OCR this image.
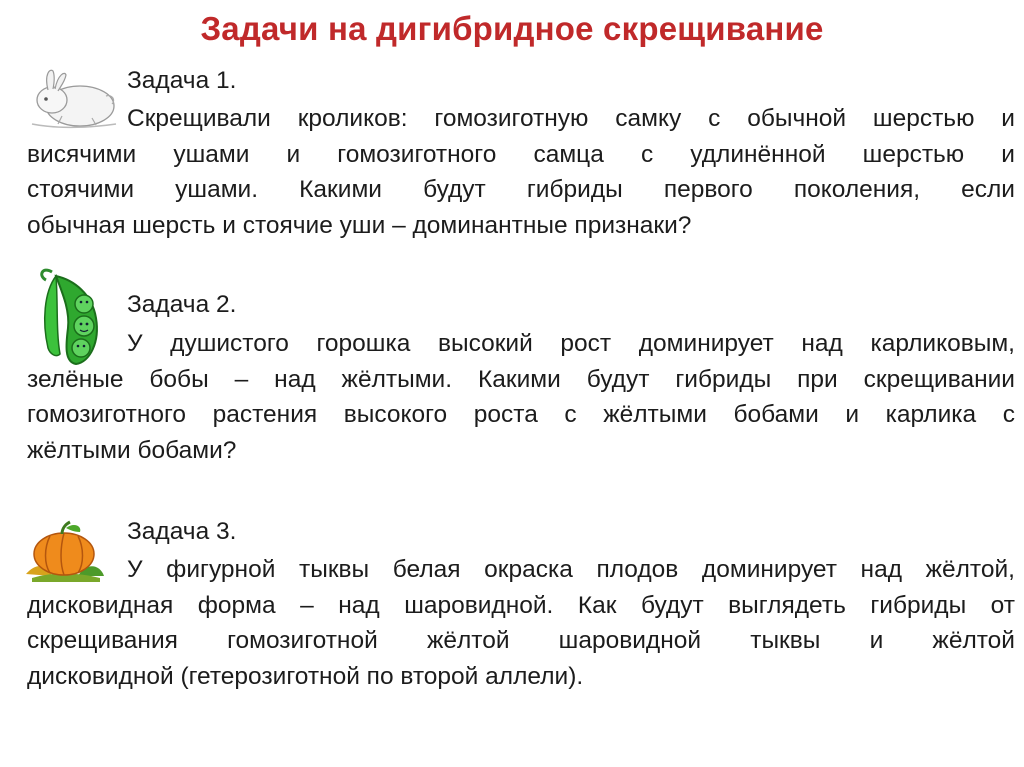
Задачи на дигибридное скрещивание
Задача 1.
Скрещивали кроликов: гомозиготную самку с обычной шерстью и
висячими ушами и гомозиготного самца с удлинённой шерстью и
стоячими ушами. Какими будут гибриды первого поколения, если
обычная шерсть и стоячие уши – доминантные признаки?
Задача 2.
У душистого горошка высокий рост доминирует над карликовым,
зелёные бобы – над жёлтыми. Какими будут гибриды при скрещивании
гомозиготного растения высокого роста с жёлтыми бобами и карлика с
жёлтыми бобами?
Задача 3.
У фигурной тыквы белая окраска плодов доминирует над жёлтой,
дисковидная форма – над шаровидной. Как будут выглядеть гибриды от
скрещивания гомозиготной жёлтой шаровидной тыквы и жёлтой
дисковидной (гетерозиготной по второй аллели).
